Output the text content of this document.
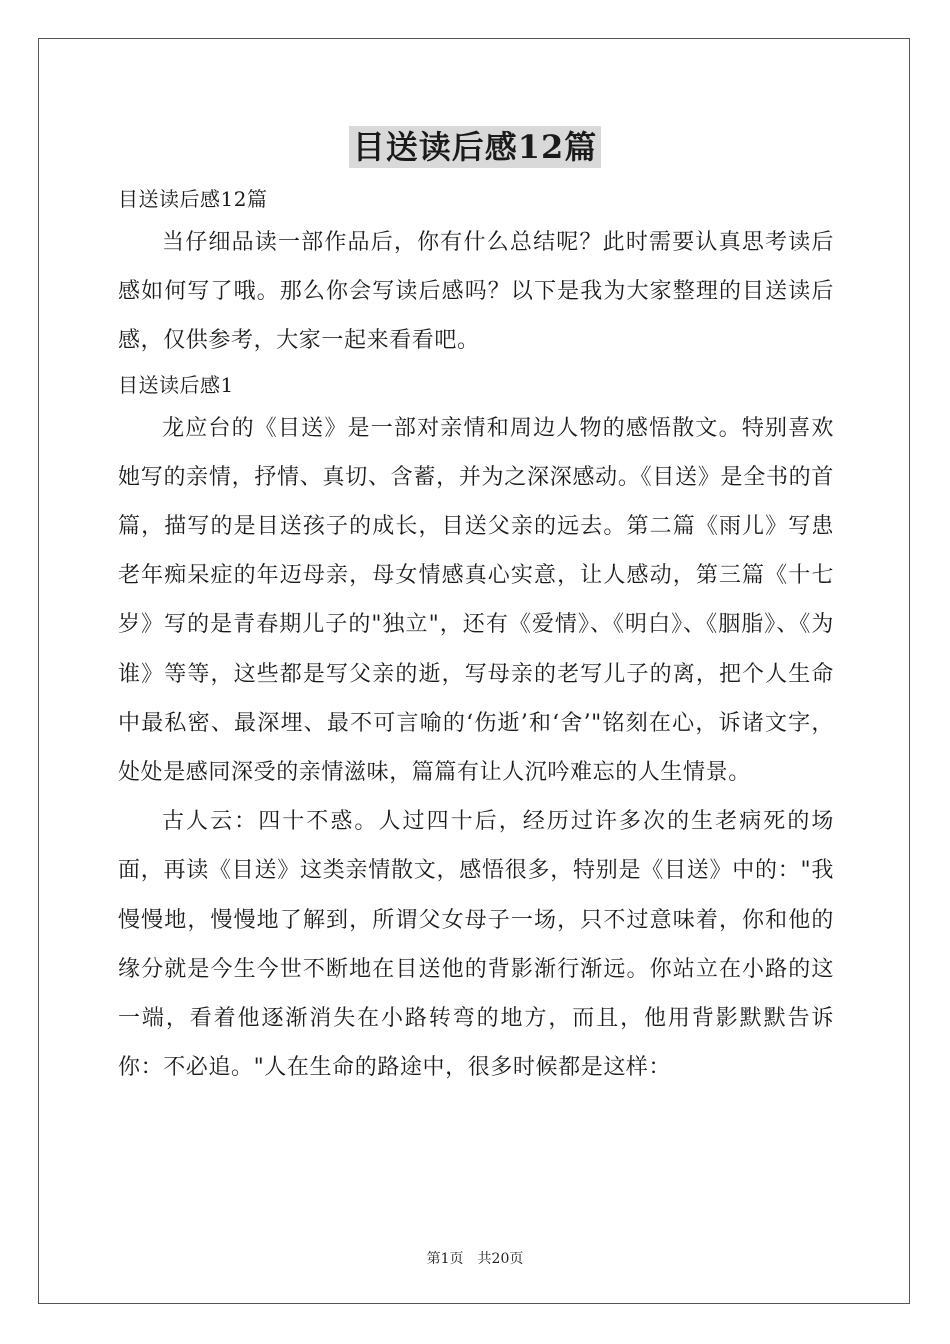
目送读后感12篇

目送读后感12篇

当仔细品读一部作品后，你有什么总结呢？此时需要认真思考读后感如何写了哦。那么你会写读后感吗？以下是我为大家整理的目送读后感，仅供参考，大家一起来看看吧。

目送读后感1

龙应台的《目送》是一部对亲情和周边人物的感悟散文。特别喜欢她写的亲情，抒情、真切、含蓄，并为之深深感动。《目送》是全书的首篇，描写的是目送孩子的成长，目送父亲的远去。第二篇《雨儿》写患老年痴呆症的年迈母亲，母女情感真心实意，让人感动，第三篇《十七岁》写的是青春期儿子的"独立"，还有《爱情》、《明白》、《胭脂》、《为谁》等等，这些都是写父亲的逝，写母亲的老写儿子的离，把个人生命中最私密、最深埋、最不可言喻的‘伤逝’和‘舍’"铭刻在心，诉诸文字，处处是感同深受的亲情滋味，篇篇有让人沉吟难忘的人生情景。

古人云：四十不惑。人过四十后，经历过许多次的生老病死的场面，再读《目送》这类亲情散文，感悟很多，特别是《目送》中的："我慢慢地，慢慢地了解到，所谓父女母子一场，只不过意味着，你和他的缘分就是今生今世不断地在目送他的背影渐行渐远。你站立在小路的这一端，看着他逐渐消失在小路转弯的地方，而且，他用背影默默告诉你：不必追。"人在生命的路途中，很多时候都是这样：

第1页 共20页
